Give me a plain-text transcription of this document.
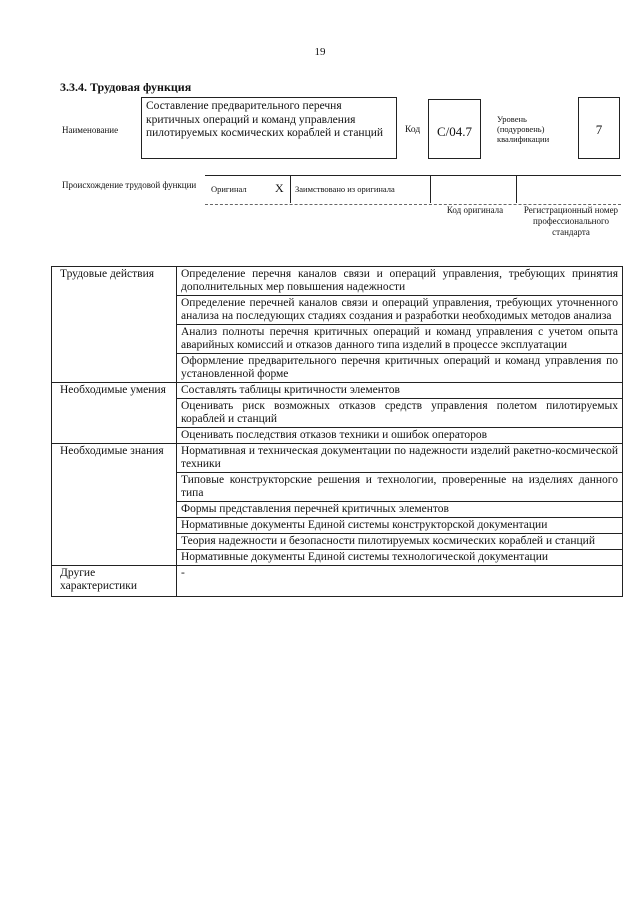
19
3.3.4. Трудовая функция
Наименование
Составление предварительного перечня критичных операций и команд управления пилотируемых космических кораблей и станций	Код	С/04.7
Уровень (подуровень) квалификации
7
Происхождение трудовой функции	Оригинал X Заимствовано из оригинала
Код оригинала	Регистрационный номер профессионального стандарта
Трудовые действия	Определение перечня каналов связи и операций управления, требующих принятия дополнительных мер повышения надежности
	Определение перечней каналов связи и операций управления, требующих уточненного анализа на последующих стадиях создания и разработки необходимых методов анализа
	Анализ полноты перечня критичных операций и команд управления с учетом опыта аварийных комиссий и отказов данного типа изделий в процессе эксплуатации
	Оформление предварительного перечня критичных операций и команд управления по установленной форме
Необходимые умения	Составлять таблицы критичности элементов
	Оценивать риск возможных отказов средств управления полетом пилотируемых кораблей и станций
	Оценивать последствия отказов техники и ошибок операторов
Необходимые знания	Нормативная и техническая документации по надежности изделий ракетно-космической техники
	Типовые конструкторские решения и технологии, проверенные на изделиях данного типа
	Формы представления перечней критичных элементов
	Нормативные документы Единой системы конструкторской документации
	Теория надежности и безопасности пилотируемых космических кораблей и станций
	Нормативные документы Единой системы технологической документации
Другие характеристики	-
